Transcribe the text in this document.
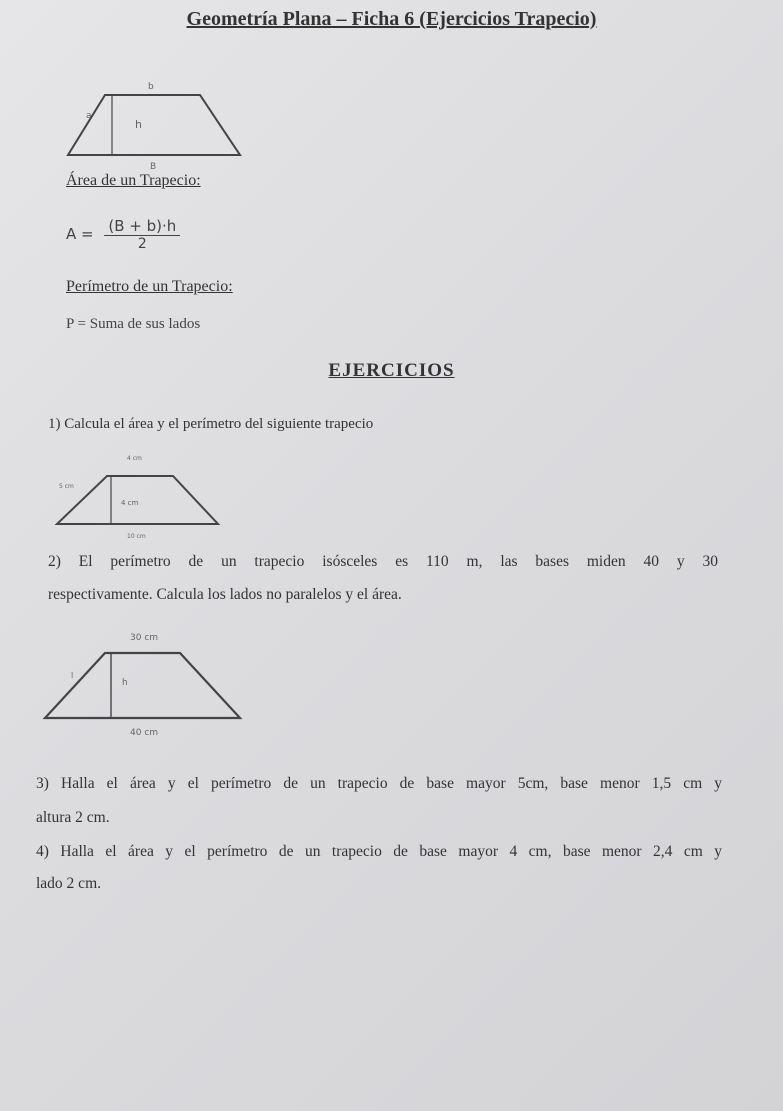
Geometría Plana – Ficha 6 (Ejercicios Trapecio)
b
a
h
B
Área de un Trapecio:
$A = \frac{(B + b)\cdot h}{2}$
Perímetro de un Trapecio:
P = Suma de sus lados
EJERCICIOS
1) Calcula el área y el perímetro del siguiente trapecio
4 cm
5 cm
4 cm
10 cm
2) El perímetro de un trapecio isósceles es 110 m, las bases miden 40 y 30
respectivamente. Calcula los lados no paralelos y el área.
30 cm
l
h
40 cm
3) Halla el área y el perímetro de un trapecio de base mayor 5cm, base menor 1,5 cm y
altura 2 cm.
4) Halla el área y el perímetro de un trapecio de base mayor 4 cm, base menor 2,4 cm y
lado 2 cm.
